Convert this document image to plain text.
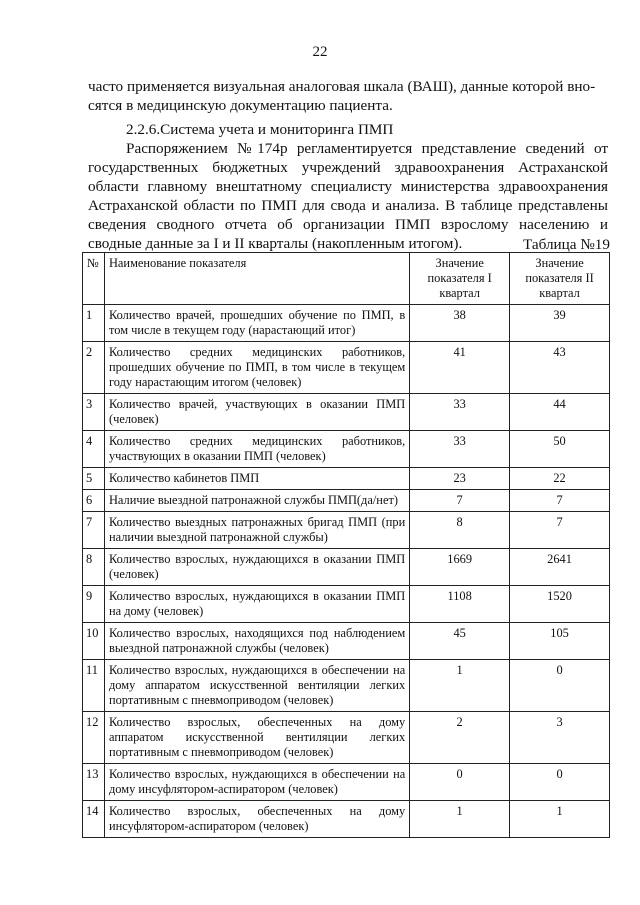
22
часто применяется визуальная аналоговая шкала (ВАШ), данные которой вно-
сятся в медицинскую документацию пациента.
2.2.6.Система учета и мониторинга ПМП
Распоряжением №174р регламентируется представление сведений от государственных бюджетных учреждений здравоохранения Астраханской области главному внештатному специалисту министерства здравоохранения Астраханской области по ПМП для свода и анализа. В таблице представлены сведения сводного отчета об организации ПМП взрослому населению и сводные данные за I и II кварталы (накопленным итогом).	Таблица №19
№	Наименование показателя	Значение показателя I квартал	Значение показателя II квартал
1	Количество врачей, прошедших обучение по ПМП, в том числе в текущем году (нарастающий итог)	38	39
2	Количество средних медицинских работников, прошедших обучение по ПМП, в том числе в текущем году нарастающим итогом (человек)	41	43
3	Количество врачей, участвующих в оказании ПМП (человек)	33	44
4	Количество средних медицинских работников, участвующих в оказании ПМП (человек)	33	50
5	Количество кабинетов ПМП	23	22
6	Наличие выездной патронажной службы ПМП(да/нет)	7	7
7	Количество выездных патронажных бригад ПМП (при наличии выездной патронажной службы)	8	7
8	Количество взрослых, нуждающихся в оказании ПМП (человек)	1669	2641
9	Количество взрослых, нуждающихся в оказании ПМП на дому (человек)	1108	1520
10	Количество взрослых, находящихся под наблюдением выездной патронажной службы (человек)	45	105
11	Количество взрослых, нуждающихся в обеспечении на дому аппаратом искусственной вентиляции легких портативным с пневмоприводом (человек)	1	0
12	Количество взрослых, обеспеченных на дому аппаратом искусственной вентиляции легких портативным с пневмоприводом (человек)	2	3
13	Количество взрослых, нуждающихся в обеспечении на дому инсуфлятором-аспиратором (человек)	0	0
14	Количество взрослых, обеспеченных на дому инсуфлятором-аспиратором (человек)	1	1
